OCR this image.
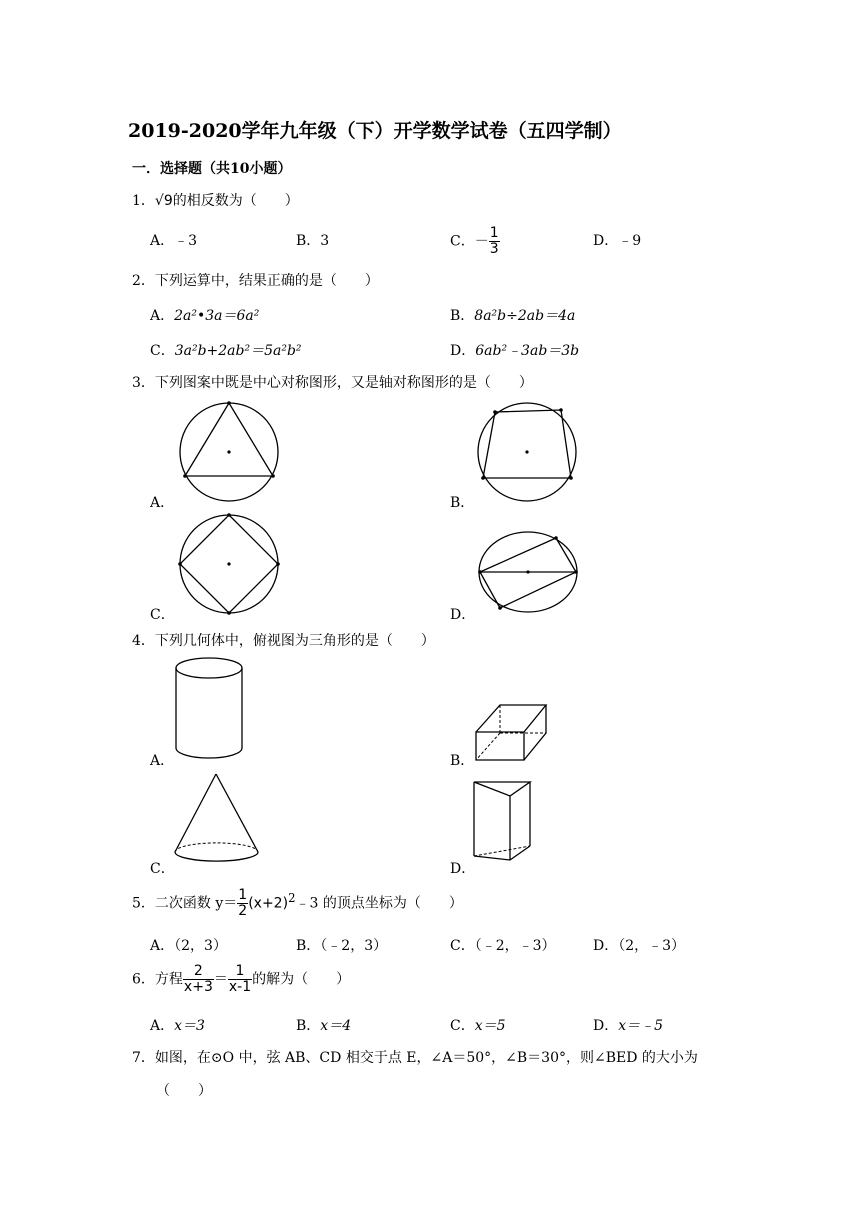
2019-2020学年九年级（下）开学数学试卷（五四学制）
一．选择题（共10小题）
1．√9的相反数为（　　）
A．﹣3	B．3	C．－ $\frac{1}{3}$	D．﹣9
2．下列运算中，结果正确的是（　　）
A．2a²•3a＝6a²	B．8a²b÷2ab＝4a
C．3a²b+2ab²＝5a²b²	D．6ab²﹣3ab＝3b
3．下列图案中既是中心对称图形，又是轴对称图形的是（　　）
A．	B．
C．	D．
4．下列几何体中，俯视图为三角形的是（　　）
A．	B．
C．	D．
5．二次函数 $y= \frac{1}{2}$ $(x+2)^2﹣3$ 的顶点坐标为（　　）
A．（2，3）	B．（﹣2，3）	C．（﹣2，﹣3）	D．（2，﹣3）
6．方程 $\frac{2}{x+3} = \frac{1}{x-1}$ 的解为（　　）
A．x＝3	B．x＝4	C．x＝5	D．x＝﹣5
7．如图，在⊙O 中，弦 AB、CD 相交于点 E，∠A＝50°，∠B＝30°，则∠BED 的大小为
（　　）
